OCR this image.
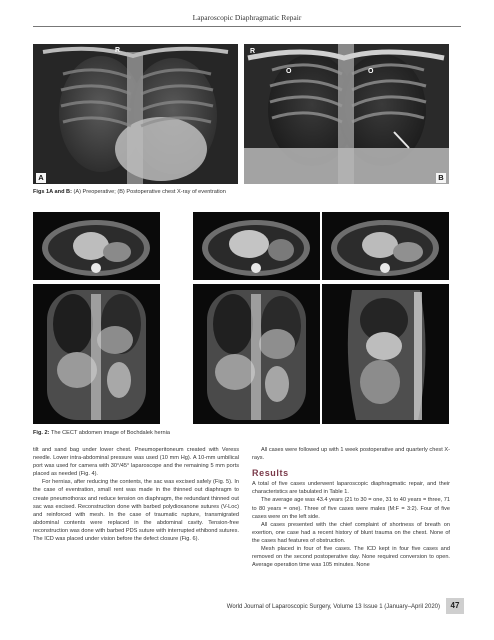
Laparoscopic Diaphragmatic Repair
R
A
O	O
R
B
Figs 1A and B: (A) Preoperative; (B) Postoperative chest X-ray of eventration
Fig. 2: The CECT abdomen image of Bochdalek hernia

tilt and sand bag under lower chest. Pneumoperitoneum created with Veress needle. Lower intra-abdominal pressure was used (10 mm Hg). A 10-mm umbilical port was used for camera with 30°/45° laparoscope and the remaining 5 mm ports placed as needed (Fig. 4).

For hernias, after reducing the contents, the sac was excised safely (Fig. 5). In the case of eventration, small rent was made in the thinned out diaphragm to create pneumothorax and reduce tension on diaphragm, the redundant thinned out sac was excised. Reconstruction done with barbed polydioxanone sutures (V-Loc) and reinforced with mesh. In the case of traumatic rupture, transmigrated abdominal contents were replaced in the abdominal cavity. Tension-free reconstruction was done with barbed PDS suture with interrupted ethibond sutures. The ICD was placed under vision before the defect closure (Fig. 6).

All cases were followed up with 1 week postoperative and quarterly chest X-rays.

Results

A total of five cases underwent laparoscopic diaphragmatic repair, and their characteristics are tabulated in Table 1.

The average age was 43.4 years (21 to 30 = one, 31 to 40 years = three, 71 to 80 years = one). Three of five cases were males (M:F = 3:2). Four of five cases were on the left side.

All cases presented with the chief complaint of shortness of breath on exertion, one case had a recent history of blunt trauma on the chest. None of the cases had features of obstruction.

Mesh placed in four of five cases. The ICD kept in four five cases and removed on the second postoperative day. None required conversion to open. Average operation time was 105 minutes. None

World Journal of Laparoscopic Surgery, Volume 13 Issue 1 (January–April 2020)	47
